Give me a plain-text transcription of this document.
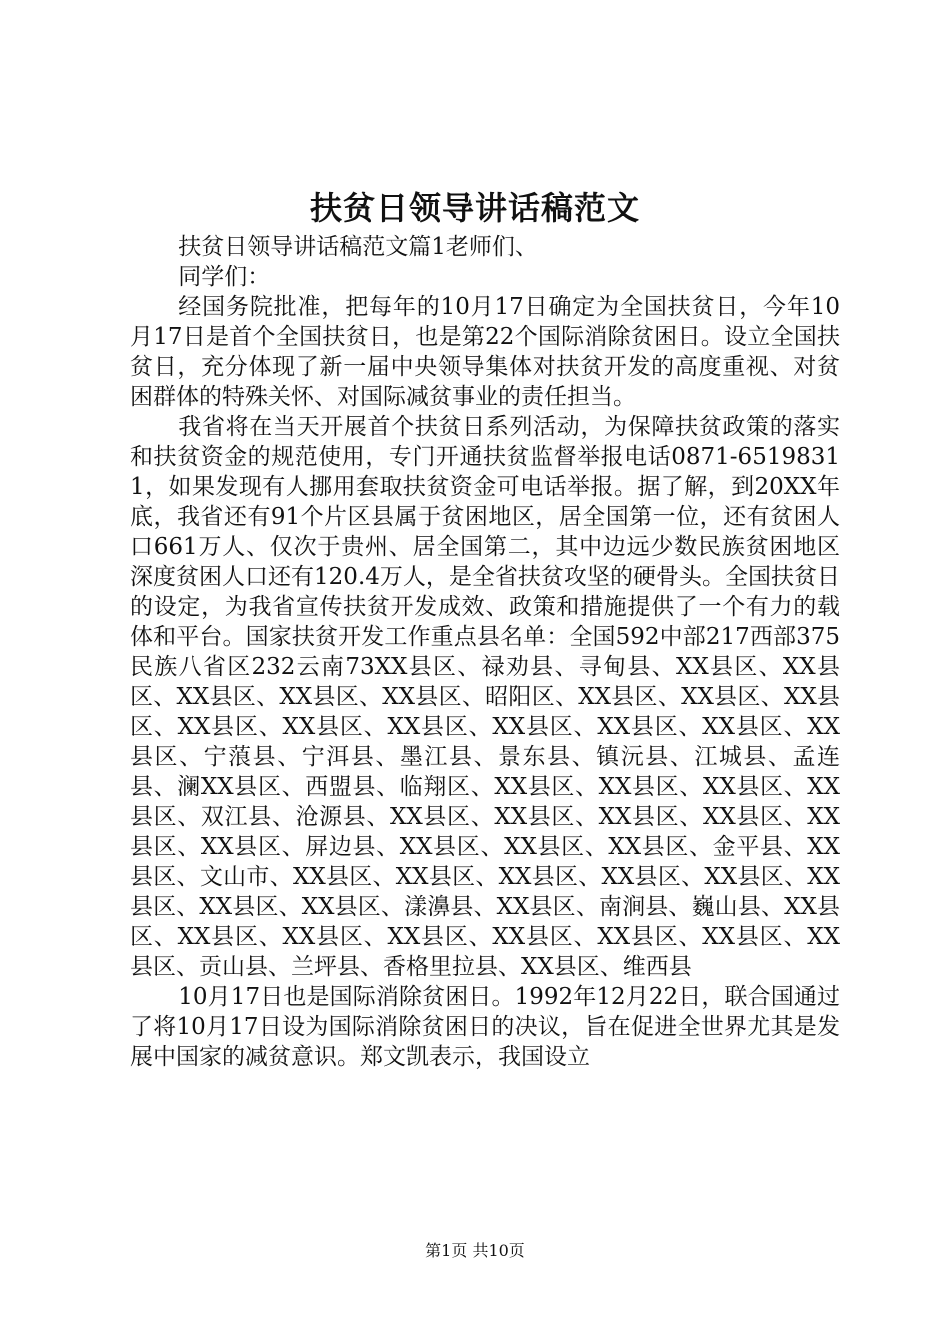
扶贫日领导讲话稿范文

扶贫日领导讲话稿范文篇1老师们、

同学们：

经国务院批准，把每年的10月17日确定为全国扶贫日，今年10月17日是首个全国扶贫日，也是第22个国际消除贫困日。设立全国扶贫日，充分体现了新一届中央领导集体对扶贫开发的高度重视、对贫困群体的特殊关怀、对国际减贫事业的责任担当。

我省将在当天开展首个扶贫日系列活动，为保障扶贫政策的落实和扶贫资金的规范使用，专门开通扶贫监督举报电话0871-65198311，如果发现有人挪用套取扶贫资金可电话举报。据了解，到20XX年底，我省还有91个片区县属于贫困地区，居全国第一位，还有贫困人口661万人、仅次于贵州、居全国第二，其中边远少数民族贫困地区深度贫困人口还有120.4万人，是全省扶贫攻坚的硬骨头。全国扶贫日的设定，为我省宣传扶贫开发成效、政策和措施提供了一个有力的载体和平台。国家扶贫开发工作重点县名单：全国592中部217西部375民族八省区232云南73XX县区、禄劝县、寻甸县、XX县区、XX县区、XX县区、XX县区、XX县区、昭阳区、XX县区、XX县区、XX县区、XX县区、XX县区、XX县区、XX县区、XX县区、XX县区、XX县区、宁蒗县、宁洱县、墨江县、景东县、镇沅县、江城县、孟连县、澜XX县区、西盟县、临翔区、XX县区、XX县区、XX县区、XX县区、双江县、沧源县、XX县区、XX县区、XX县区、XX县区、XX县区、XX县区、屏边县、XX县区、XX县区、XX县区、金平县、XX县区、文山市、XX县区、XX县区、XX县区、XX县区、XX县区、XX县区、XX县区、XX县区、漾濞县、XX县区、南涧县、巍山县、XX县区、XX县区、XX县区、XX县区、XX县区、XX县区、XX县区、XX县区、贡山县、兰坪县、香格里拉县、XX县区、维西县

10月17日也是国际消除贫困日。1992年12月22日，联合国通过了将10月17日设为国际消除贫困日的决议，旨在促进全世界尤其是发展中国家的减贫意识。郑文凯表示，我国设立

第1页 共10页
